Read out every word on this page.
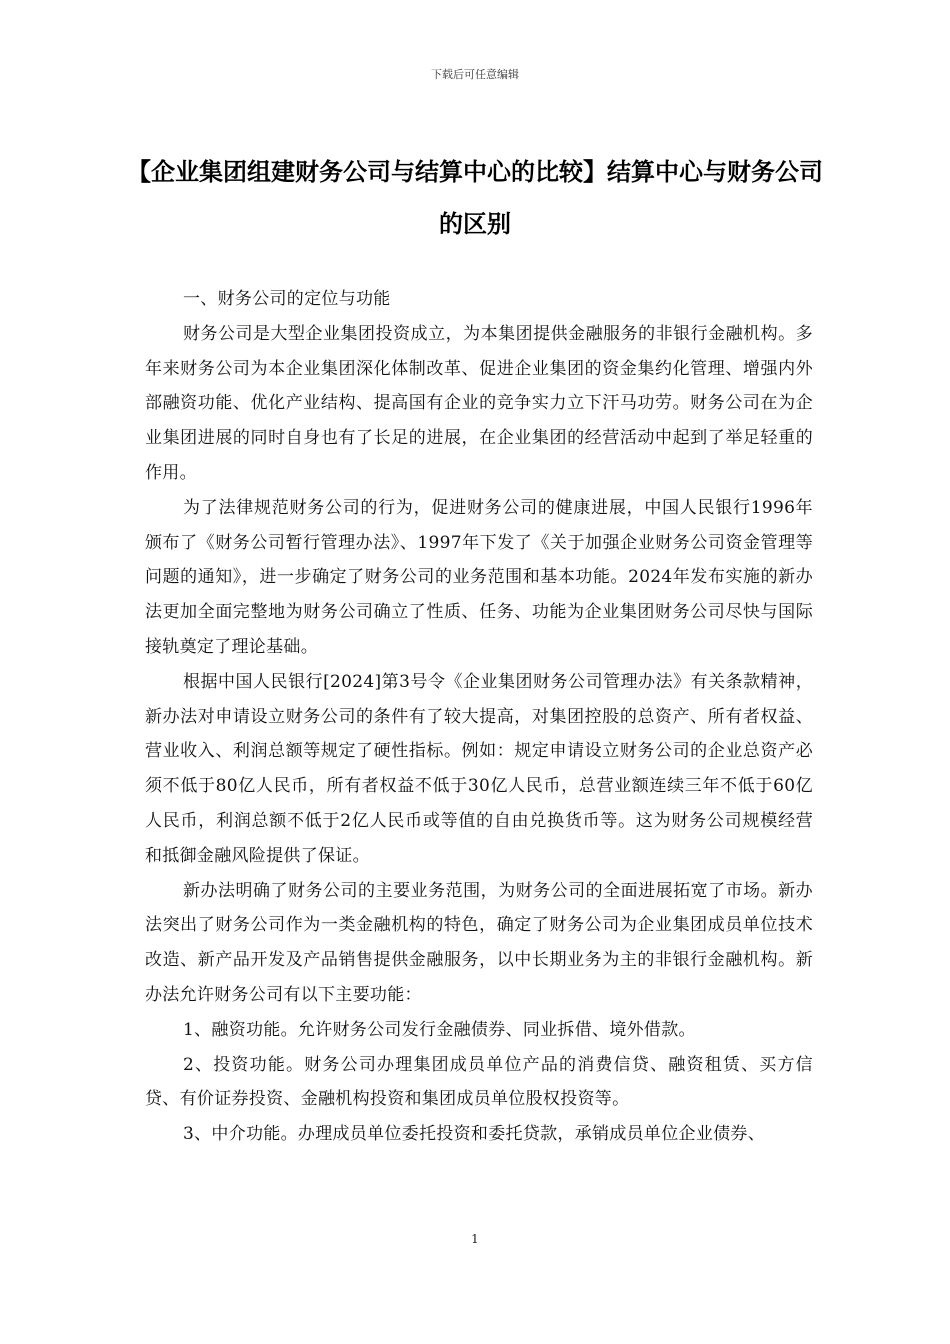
下载后可任意编辑
【企业集团组建财务公司与结算中心的比较】结算中心与财务公司的区别

一、财务公司的定位与功能

财务公司是大型企业集团投资成立，为本集团提供金融服务的非银行金融机构。多年来财务公司为本企业集团深化体制改革、促进企业集团的资金集约化管理、增强内外部融资功能、优化产业结构、提高国有企业的竞争实力立下汗马功劳。财务公司在为企业集团进展的同时自身也有了长足的进展，在企业集团的经营活动中起到了举足轻重的作用。

为了法律规范财务公司的行为，促进财务公司的健康进展，中国人民银行1996年颁布了《财务公司暂行管理办法》、1997年下发了《关于加强企业财务公司资金管理等问题的通知》，进一步确定了财务公司的业务范围和基本功能。2024年发布实施的新办法更加全面完整地为财务公司确立了性质、任务、功能为企业集团财务公司尽快与国际接轨奠定了理论基础。

根据中国人民银行[2024]第3号令《企业集团财务公司管理办法》有关条款精神，新办法对申请设立财务公司的条件有了较大提高，对集团控股的总资产、所有者权益、营业收入、利润总额等规定了硬性指标。例如：规定申请设立财务公司的企业总资产必须不低于80亿人民币，所有者权益不低于30亿人民币，总营业额连续三年不低于60亿人民币，利润总额不低于2亿人民币或等值的自由兑换货币等。这为财务公司规模经营和抵御金融风险提供了保证。

新办法明确了财务公司的主要业务范围，为财务公司的全面进展拓宽了市场。新办法突出了财务公司作为一类金融机构的特色，确定了财务公司为企业集团成员单位技术改造、新产品开发及产品销售提供金融服务，以中长期业务为主的非银行金融机构。新办法允许财务公司有以下主要功能：

1、融资功能。允许财务公司发行金融债券、同业拆借、境外借款。

2、投资功能。财务公司办理集团成员单位产品的消费信贷、融资租赁、买方信贷、有价证券投资、金融机构投资和集团成员单位股权投资等。

3、中介功能。办理成员单位委托投资和委托贷款，承销成员单位企业债券、

1
